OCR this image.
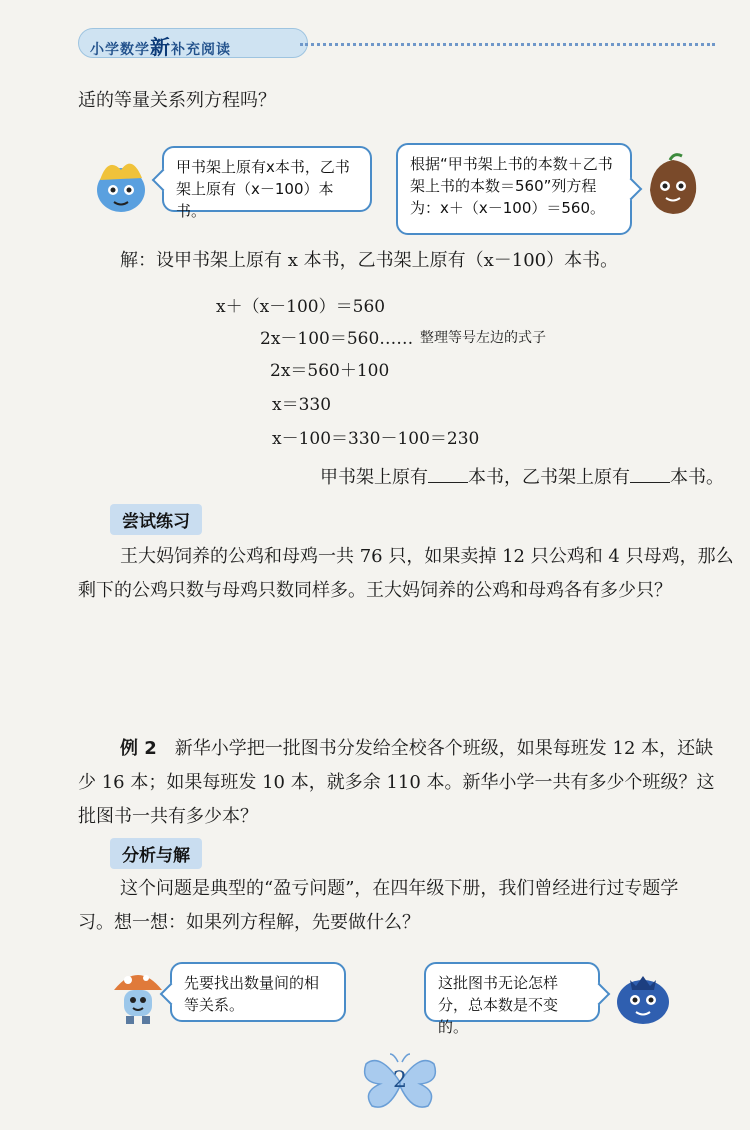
小学数学新补充阅读
适的等量关系列方程吗？
甲书架上原有x本书，乙书架上原有（x－100）本书。
根据“甲书架上书的本数＋乙书架上书的本数＝560”列方程为：x＋（x－100）＝560。
解：设甲书架上原有 x 本书，乙书架上原有（x－100）本书。
x＋（x－100）＝560
2x－100＝560…… 整理等号左边的式子
2x＝560＋100
x＝330
x－100＝330－100＝230
甲书架上原有 本书，乙书架上原有 本书。
尝试练习
王大妈饲养的公鸡和母鸡一共 76 只，如果卖掉 12 只公鸡和 4 只母鸡，那么
剩下的公鸡只数与母鸡只数同样多。王大妈饲养的公鸡和母鸡各有多少只？
例 2 新华小学把一批图书分发给全校各个班级，如果每班发 12 本，还缺
少 16 本；如果每班发 10 本，就多余 110 本。新华小学一共有多少个班级？这
批图书一共有多少本？
分析与解
这个问题是典型的“盈亏问题”，在四年级下册，我们曾经进行过专题学
习。想一想：如果列方程解，先要做什么？
先要找出数量间的相等关系。
这批图书无论怎样分，总本数是不变的。
2
